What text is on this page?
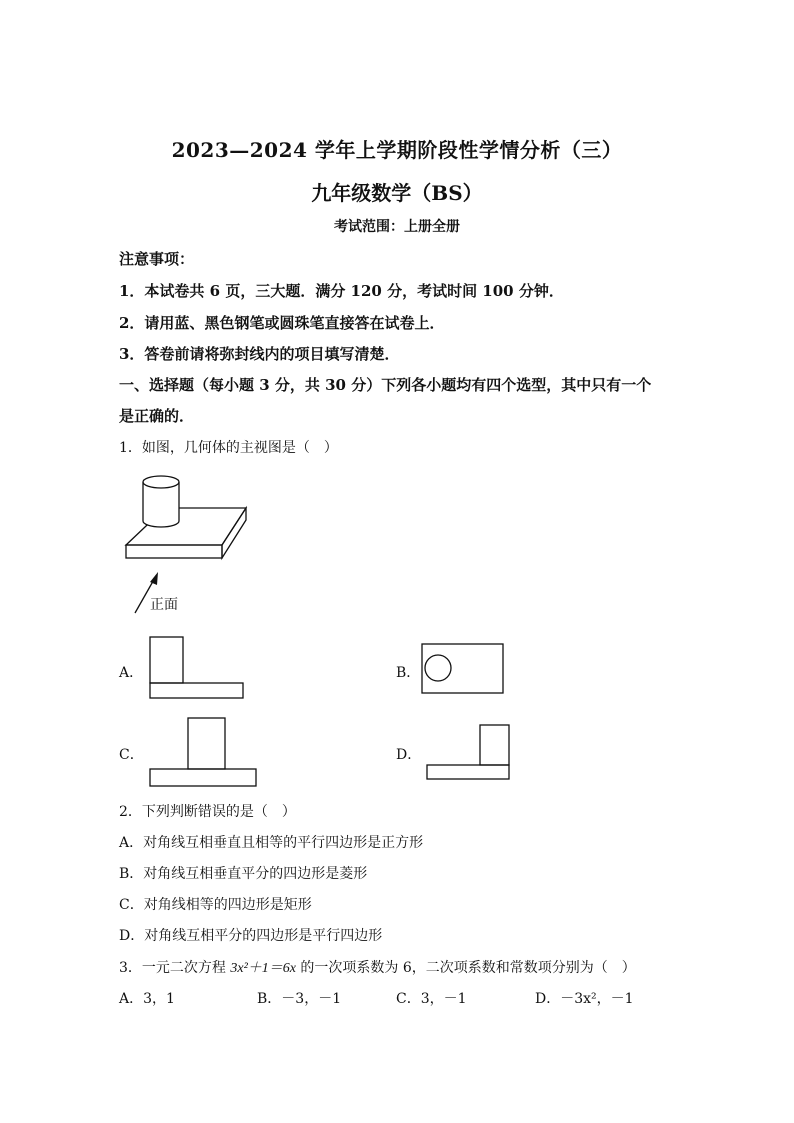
2023—2024 学年上学期阶段性学情分析（三）
九年级数学（BS）
考试范围：上册全册
注意事项：
1．本试卷共 6 页，三大题．满分 120 分，考试时间 100 分钟．
2．请用蓝、黑色钢笔或圆珠笔直接答在试卷上．
3．答卷前请将弥封线内的项目填写清楚．
一、选择题（每小题 3 分，共 30 分）下列各小题均有四个选型，其中只有一个
是正确的．
1．如图，几何体的主视图是（　）
正面
A．	B．
C．	D．
2．下列判断错误的是（　）
A．对角线互相垂直且相等的平行四边形是正方形
B．对角线互相垂直平分的四边形是菱形
C．对角线相等的四边形是矩形
D．对角线互相平分的四边形是平行四边形
3．一元二次方程 3x²＋1＝6x 的一次项系数为 6，二次项系数和常数项分别为（　）
A．3，1	B．－3，－1	C．3，－1	D．－3x²，－1
